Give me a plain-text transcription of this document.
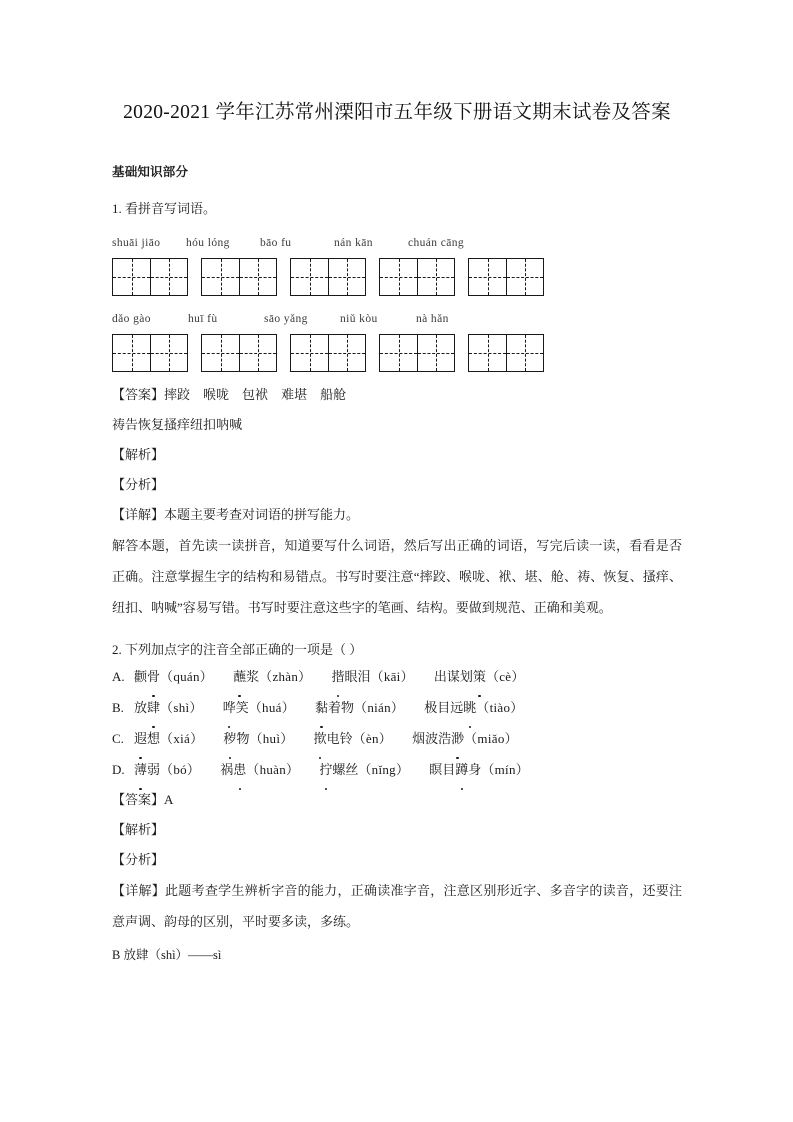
2020-2021 学年江苏常州溧阳市五年级下册语文期末试卷及答案
基础知识部分
1. 看拼音写词语。
shuāi jiāo hóu lóng	bāo fu	nán kān	chuán cāng
dǎo gào	huī fù	sāo yǎng	niǔ kòu	nà hǎn
【答案】摔跤 喉咙 包袱 难堪 船舱
祷告恢复搔痒纽扣呐喊
【解析】
【分析】
【详解】本题主要考查对词语的拼写能力。
解答本题，首先读一读拼音，知道要写什么词语，然后写出正确的词语，写完后读一读，看看是否正确。注意掌握生字的结构和易错点。书写时要注意“摔跤、喉咙、袱、堪、舱、祷、恢复、搔痒、纽扣、呐喊”容易写错。书写时要注意这些字的笔画、结构。要做到规范、正确和美观。
2. 下列加点字的注音全部正确的一项是（ ）
A. 颧骨（quán） 蘸浆（zhàn） 揩眼泪（kāi） 出谋划策（cè）
B. 放肆（shì） 哗笑（huá） 黏着物（nián） 极目远眺（tiào）
C. 遐想（xiá） 秽物（huì） 揿电铃（èn） 烟波浩渺（miǎo）
D. 薄弱（bó） 祸患（huàn） 拧螺丝（nǐng） 瞑目蹲身（mín）
【答案】A
【解析】
【分析】
【详解】此题考查学生辨析字音的能力，正确读准字音，注意区别形近字、多音字的读音，还要注意声调、韵母的区别，平时要多读，多练。
B 放肆（shì）——sì
